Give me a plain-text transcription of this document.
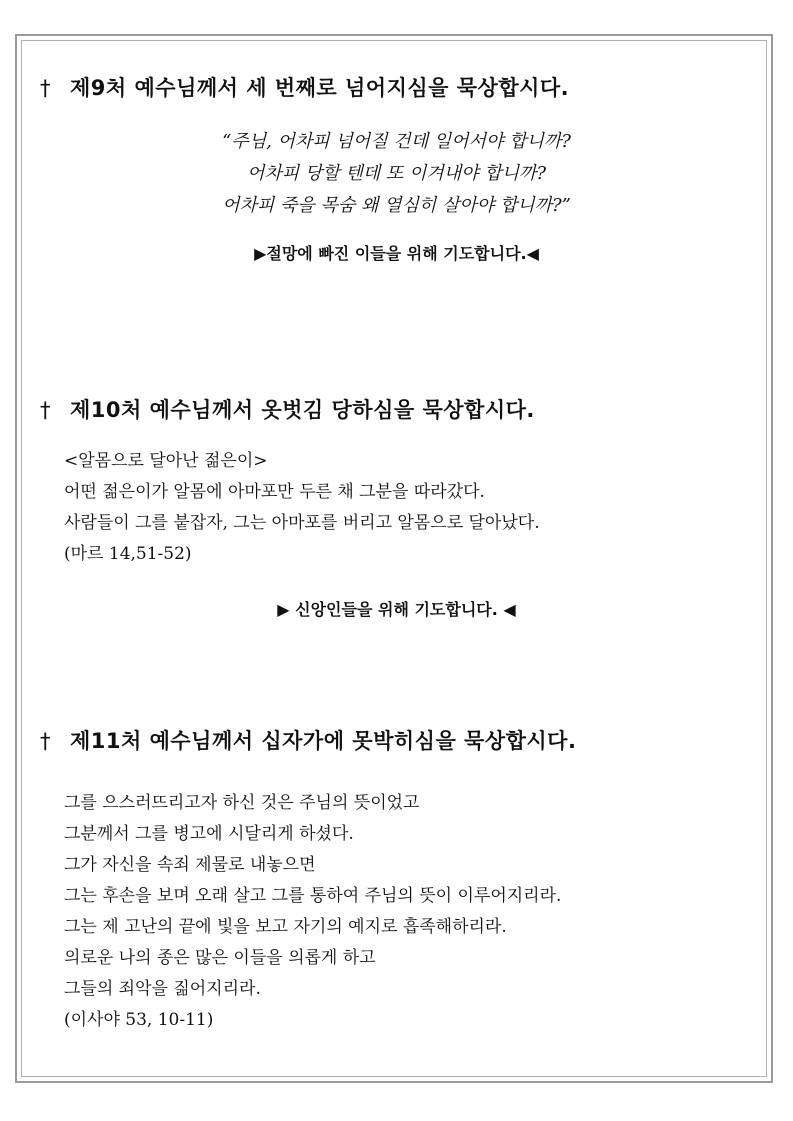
† 제9처 예수님께서 세 번째로 넘어지심을 묵상합시다.
“주님, 어차피 넘어질 건데 일어서야 합니까?
어차피 당할 텐데 또 이겨내야 합니까?
어차피 죽을 목숨 왜 열심히 살아야 합니까?”

▶절망에 빠진 이들을 위해 기도합니다.◀

† 제10처 예수님께서 옷벗김 당하심을 묵상합시다.
<알몸으로 달아난 젊은이>
어떤 젊은이가 알몸에 아마포만 두른 채 그분을 따라갔다.
사람들이 그를 붙잡자, 그는 아마포를 버리고 알몸으로 달아났다.
(마르 14,51-52)

▶ 신앙인들을 위해 기도합니다. ◀

† 제11처 예수님께서 십자가에 못박히심을 묵상합시다.
그를 으스러뜨리고자 하신 것은 주님의 뜻이었고
그분께서 그를 병고에 시달리게 하셨다.
그가 자신을 속죄 제물로 내놓으면
그는 후손을 보며 오래 살고 그를 통하여 주님의 뜻이 이루어지리라.
그는 제 고난의 끝에 빛을 보고 자기의 예지로 흡족해하리라.
의로운 나의 종은 많은 이들을 의롭게 하고
그들의 죄악을 짊어지리라.
(이사야 53, 10-11)
